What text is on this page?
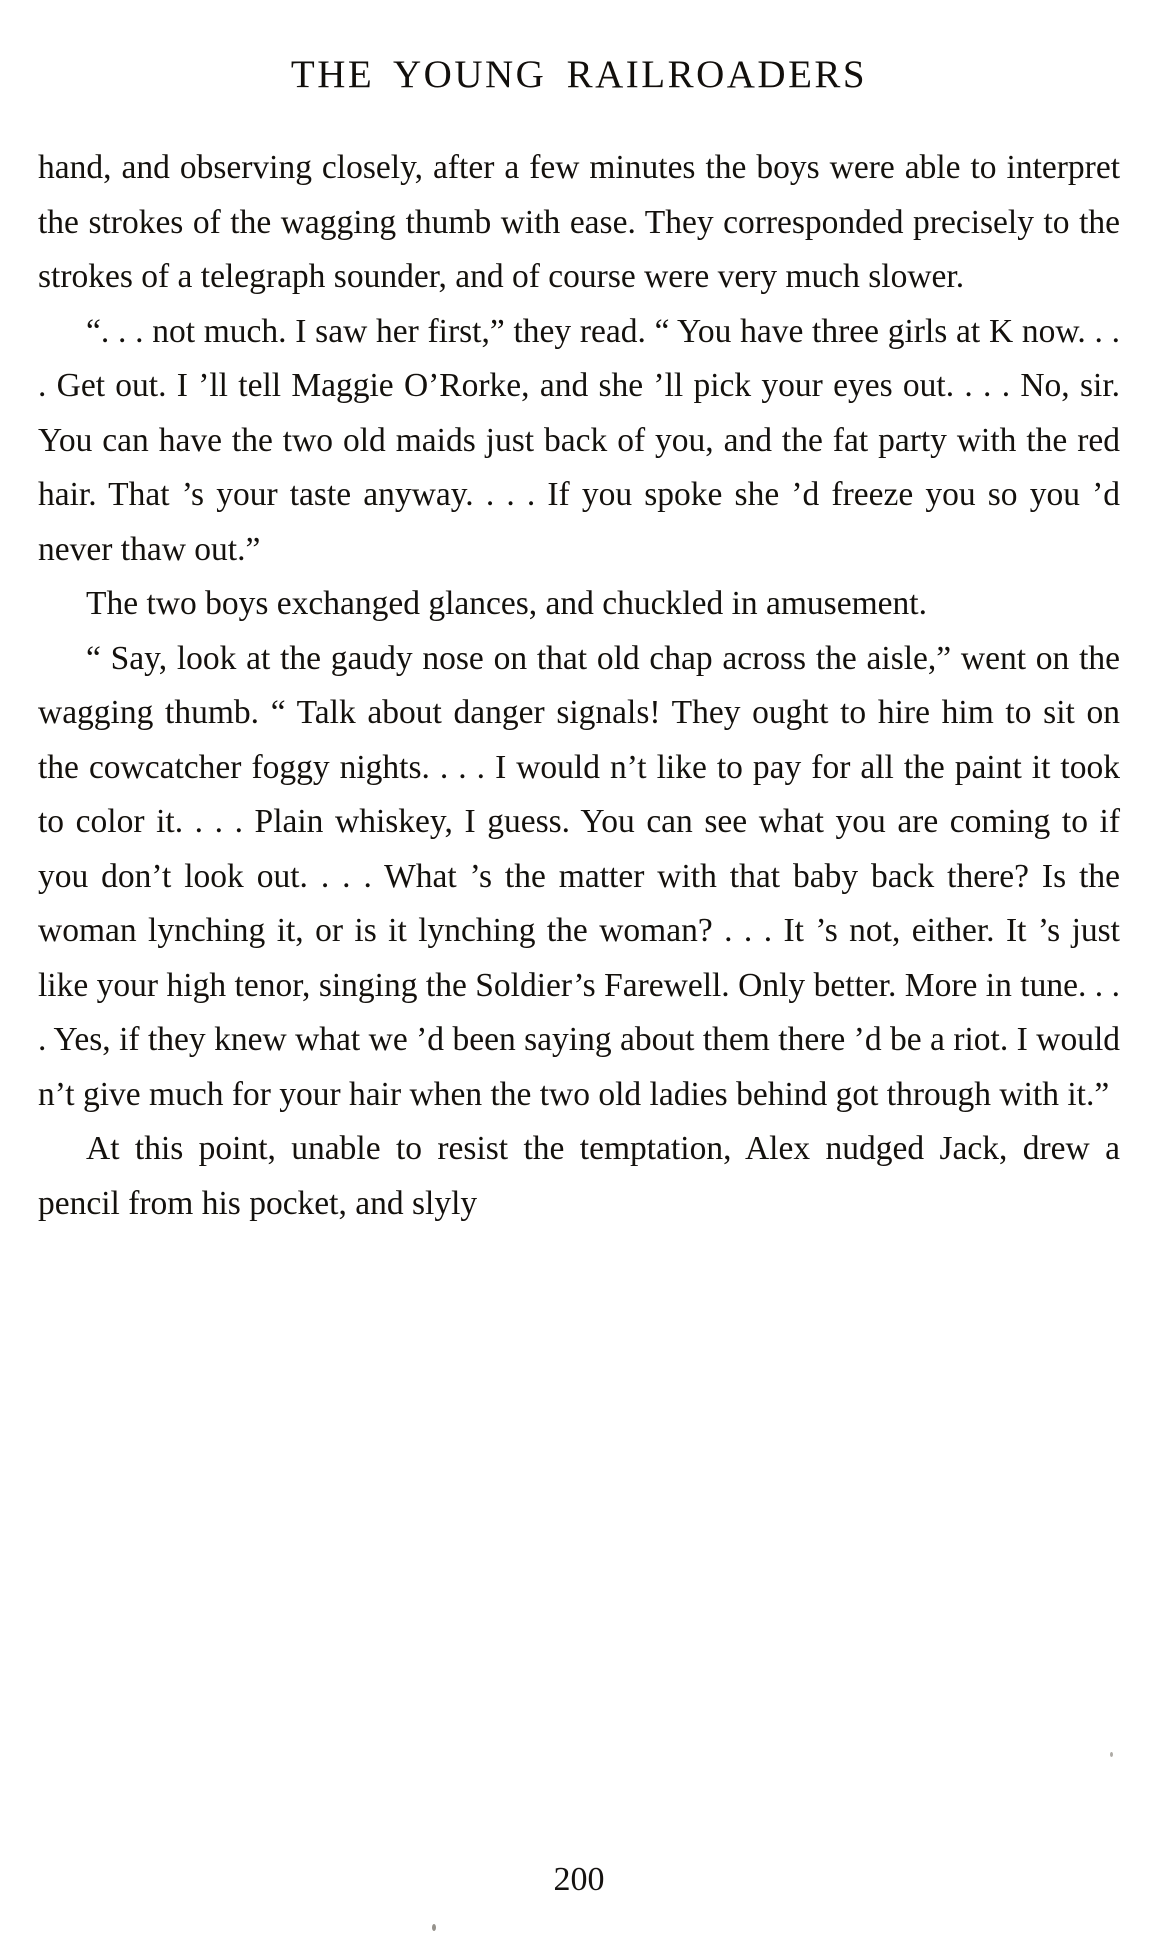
THE YOUNG RAILROADERS

hand, and observing closely, after a few minutes the boys were able to interpret the strokes of the wagging thumb with ease. They corresponded precisely to the strokes of a telegraph sounder, and of course were very much slower.

“. . . not much. I saw her first,” they read. “ You have three girls at K now. . . . Get out. I ’ll tell Maggie O’Rorke, and she ’ll pick your eyes out. . . . No, sir. You can have the two old maids just back of you, and the fat party with the red hair. That ’s your taste anyway. . . . If you spoke she ’d freeze you so you ’d never thaw out.”

The two boys exchanged glances, and chuckled in amusement.

“ Say, look at the gaudy nose on that old chap across the aisle,” went on the wagging thumb. “ Talk about danger signals! They ought to hire him to sit on the cowcatcher foggy nights. . . . I would n’t like to pay for all the paint it took to color it. . . . Plain whiskey, I guess. You can see what you are coming to if you don’t look out. . . . What ’s the matter with that baby back there? Is the woman lynching it, or is it lynching the woman? . . . It ’s not, either. It ’s just like your high tenor, singing the Soldier’s Farewell. Only better. More in tune. . . . Yes, if they knew what we ’d been saying about them there ’d be a riot. I would n’t give much for your hair when the two old ladies behind got through with it.”

At this point, unable to resist the temptation, Alex nudged Jack, drew a pencil from his pocket, and slyly

200
